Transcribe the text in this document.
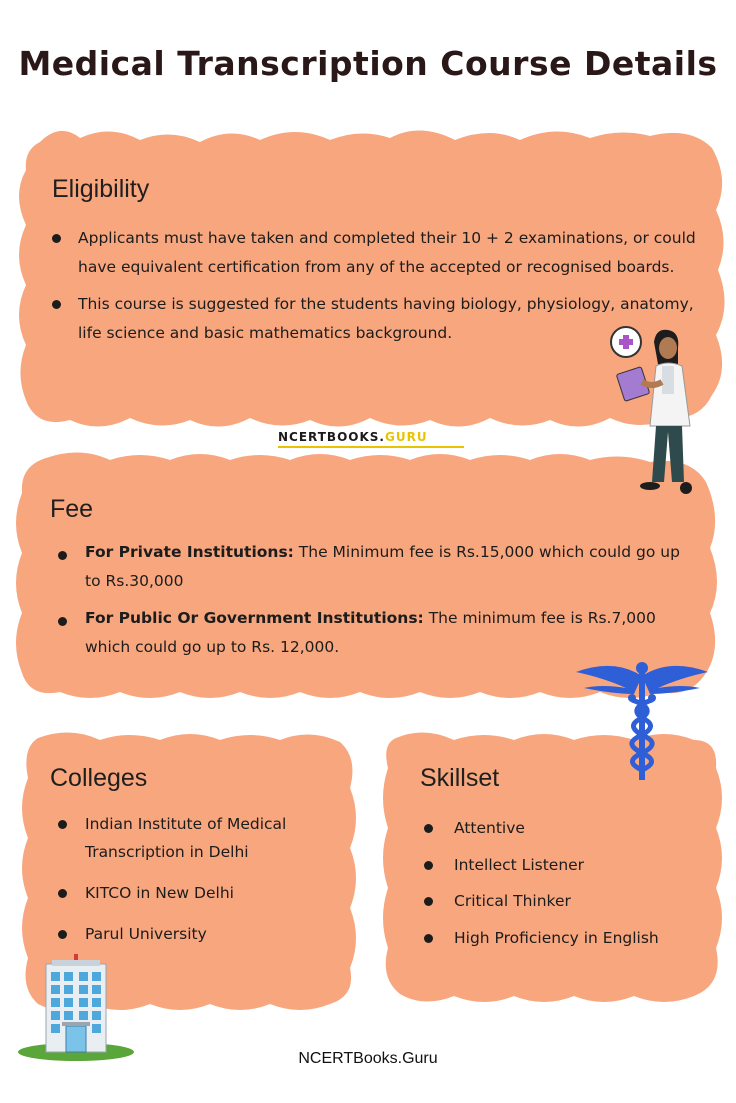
Medical Transcription Course Details
Eligibility
Applicants must have taken and completed their 10 + 2 examinations, or could have equivalent certification from any of the accepted or recognised boards.
This course is suggested for the students having biology, physiology, anatomy, life science and basic mathematics background.
NCERTBOOKS.GURU
Fee
For Private Institutions: The Minimum fee is Rs.15,000 which could go up to Rs.30,000
For Public Or Government Institutions: The minimum fee is Rs.7,000 which could go up to Rs. 12,000.
Colleges
Indian Institute of Medical Transcription in Delhi
KITCO in New Delhi
Parul University
Skillset
Attentive
Intellect Listener
Critical Thinker
High Proficiency in English
NCERTBooks.Guru
